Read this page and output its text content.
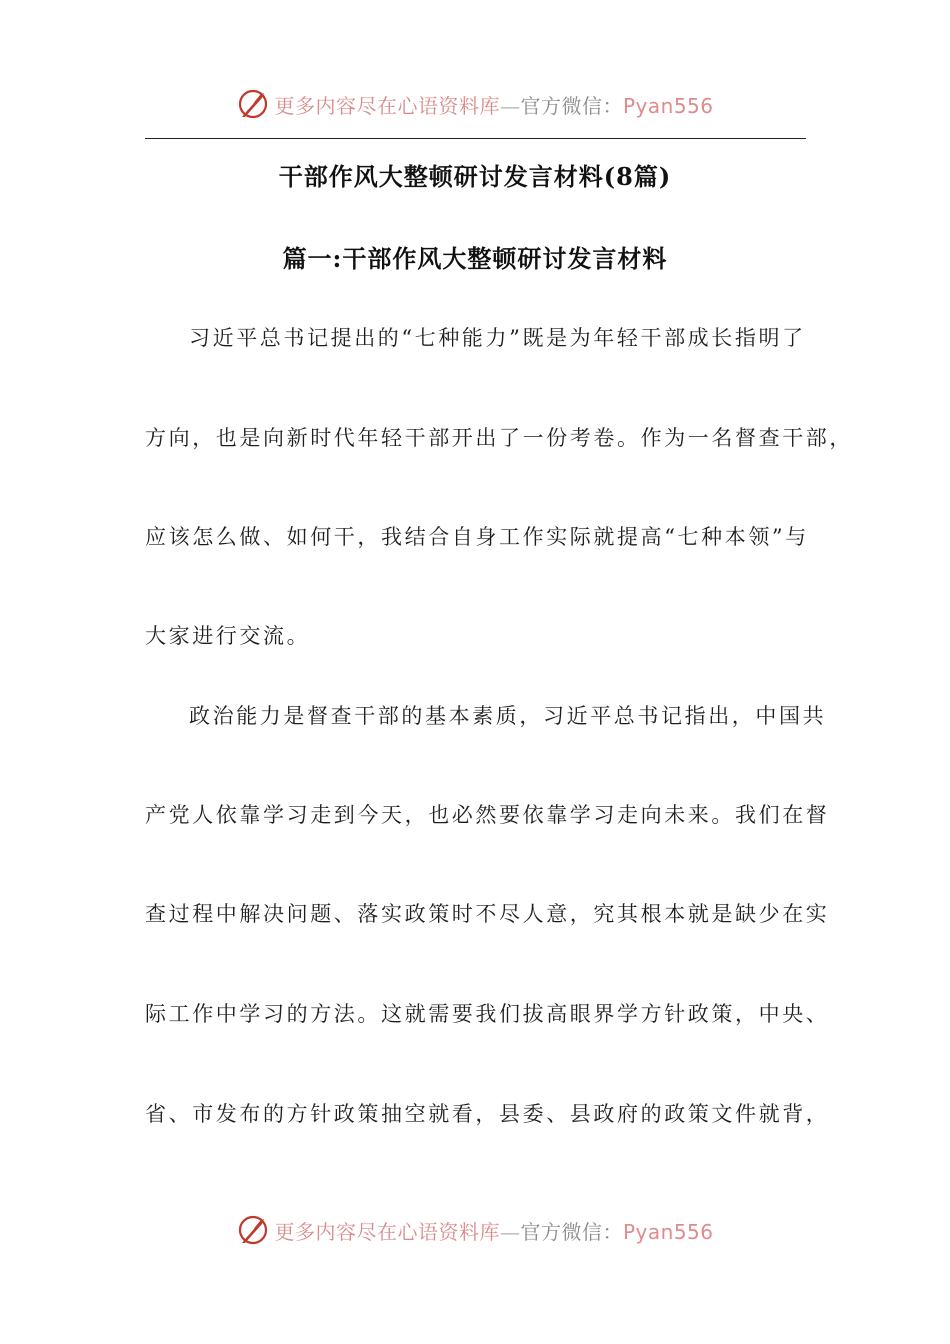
更多内容尽在心语资料库—官方微信：Pyan556
干部作风大整顿研讨发言材料(8篇)
篇一:干部作风大整顿研讨发言材料
习近平总书记提出的“七种能力”既是为年轻干部成长指明了
方向，也是向新时代年轻干部开出了一份考卷。作为一名督查干部，
应该怎么做、如何干，我结合自身工作实际就提高“七种本领”与
大家进行交流。
政治能力是督查干部的基本素质，习近平总书记指出，中国共
产党人依靠学习走到今天，也必然要依靠学习走向未来。我们在督
查过程中解决问题、落实政策时不尽人意，究其根本就是缺少在实
际工作中学习的方法。这就需要我们拔高眼界学方针政策，中央、
省、市发布的方针政策抽空就看，县委、县政府的政策文件就背，
更多内容尽在心语资料库—官方微信：Pyan556
